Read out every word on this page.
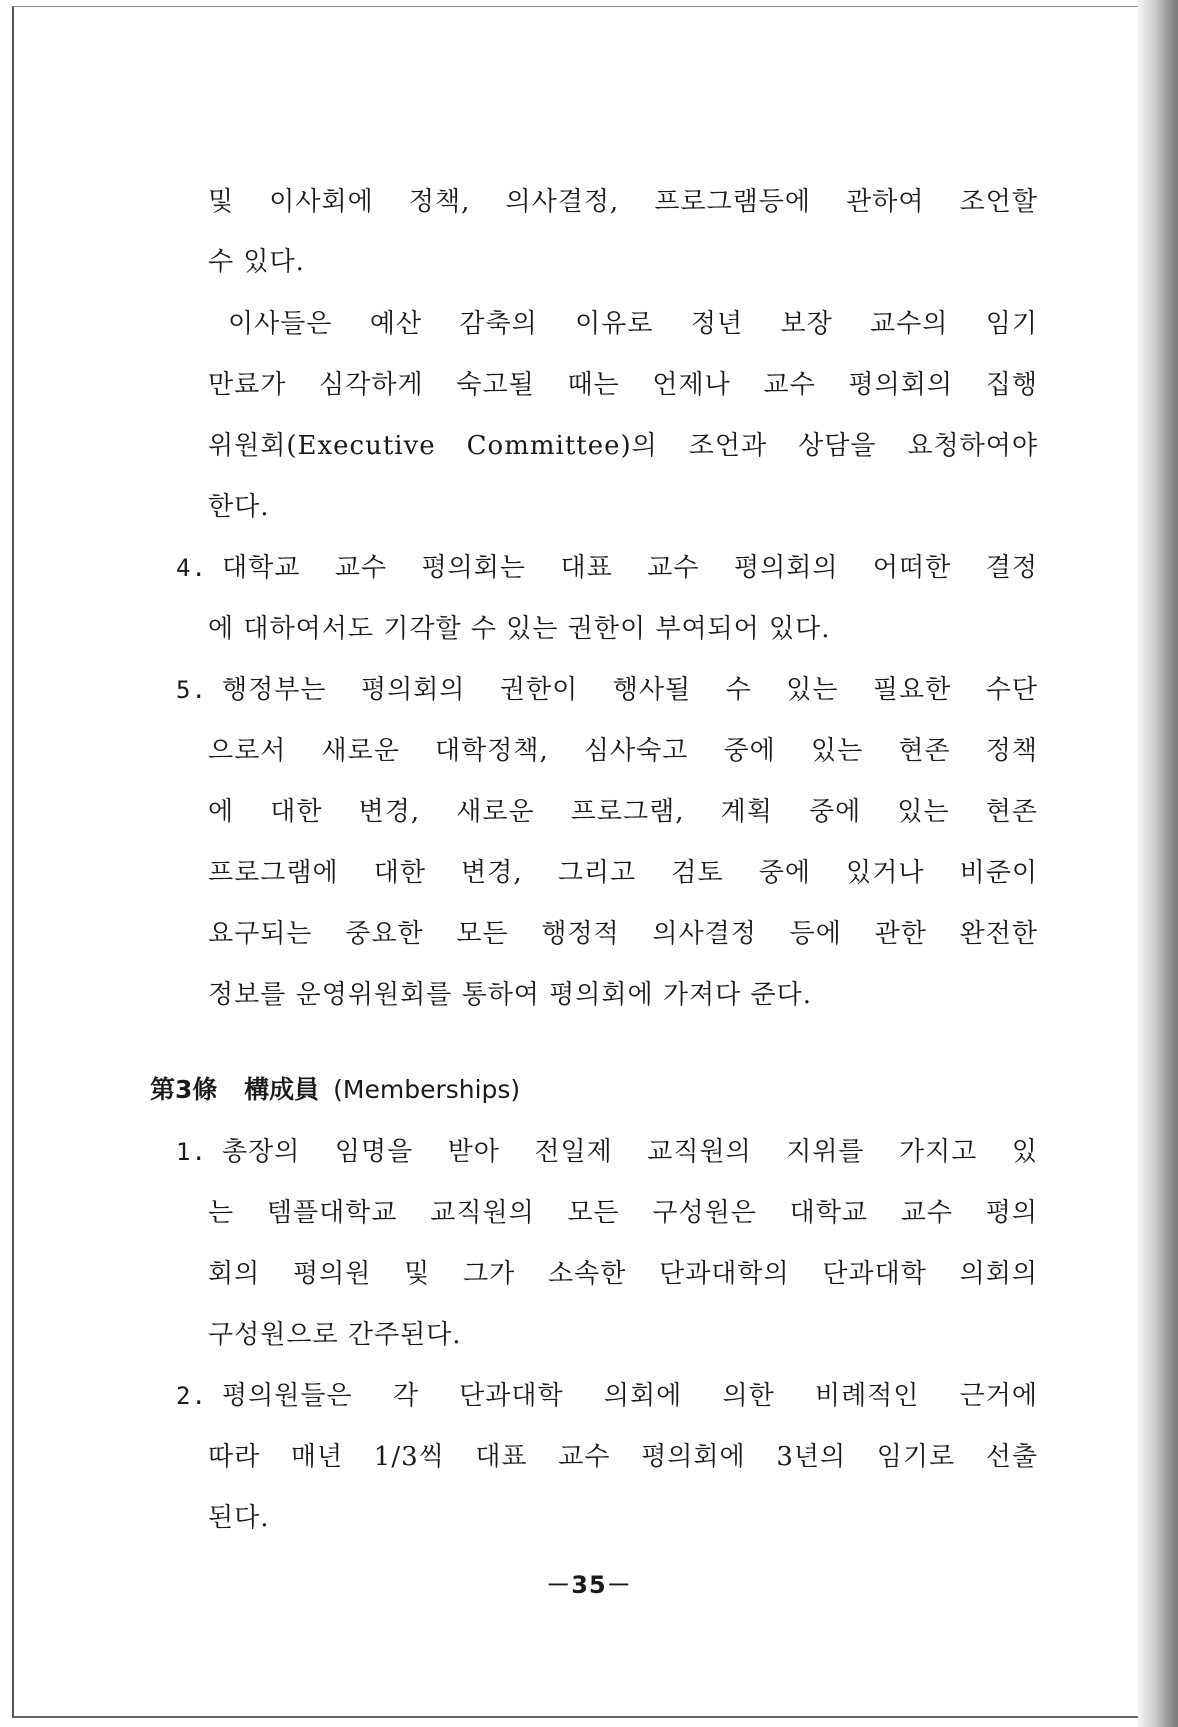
및 이사회에 정책, 의사결정, 프로그램등에 관하여 조언할
수 있다.
이사들은 예산 감축의 이유로 정년 보장 교수의 임기
만료가 심각하게 숙고될 때는 언제나 교수 평의회의 집행
위원회(Executive Committee)의 조언과 상담을 요청하여야
한다.
4. 대학교 교수 평의회는 대표 교수 평의회의 어떠한 결정
에 대하여서도 기각할 수 있는 권한이 부여되어 있다.
5. 행정부는 평의회의 권한이 행사될 수 있는 필요한 수단
으로서 새로운 대학정책, 심사숙고 중에 있는 현존 정책
에 대한 변경, 새로운 프로그램, 계획 중에 있는 현존
프로그램에 대한 변경, 그리고 검토 중에 있거나 비준이
요구되는 중요한 모든 행정적 의사결정 등에 관한 완전한
정보를 운영위원회를 통하여 평의회에 가져다 준다.
第3條 構成員 (Memberships)
1. 총장의 임명을 받아 전일제 교직원의 지위를 가지고 있
는 템플대학교 교직원의 모든 구성원은 대학교 교수 평의
회의 평의원 및 그가 소속한 단과대학의 단과대학 의회의
구성원으로 간주된다.
2. 평의원들은 각 단과대학 의회에 의한 비례적인 근거에
따라 매년 1/3씩 대표 교수 평의회에 3년의 임기로 선출
된다.
－35－
